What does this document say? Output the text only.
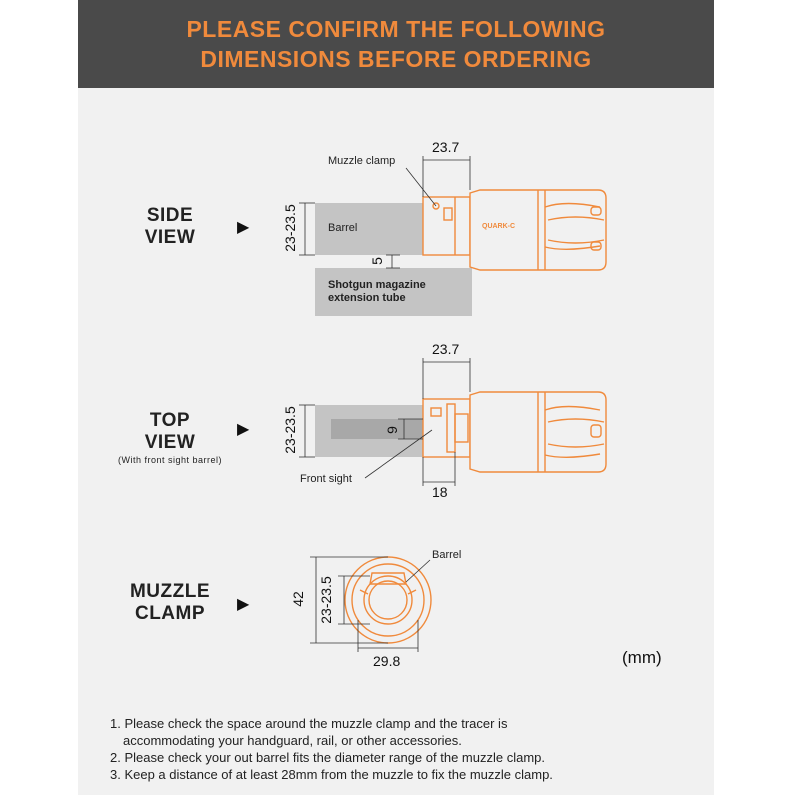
PLEASE CONFIRM THE FOLLOWING
DIMENSIONS BEFORE ORDERING
SIDE
VIEW	▶
23.7
Muzzle clamp
Barrel
23-23.5
5
Shotgun magazine
extension tube
QUARK-C
TOP
VIEW
(With front sight barrel)
▶
23.7
23-23.5	9
18
Front sight
MUZZLE
CLAMP	▶
Barrel
42 23-23.5
29.8	(mm)
1. Please check the space around the muzzle clamp and the tracer is
accommodating your handguard, rail, or other accessories.
2. Please check your out barrel fits the diameter range of the muzzle clamp.
3. Keep a distance of at least 28mm from the muzzle to fix the muzzle clamp.
